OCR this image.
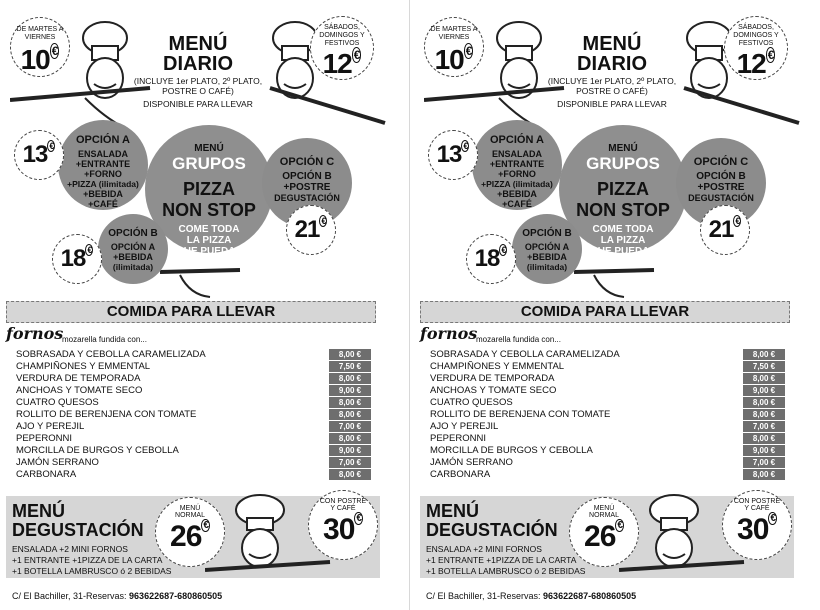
DE MARTES A VIERNES
10 €	MENÚ
DIARIO
(INCLUYE 1er PLATO, 2º PLATO,
POSTRE O CAFÉ)
DISPONIBLE PARA LLEVAR
SÁBADOS, DOMINGOS Y FESTIVOS
12 €
OPCIÓN A
ENSALADA
+ENTRANTE
+FORNO
+PIZZA (ilimitada)
+BEBIDA
+CAFÉ
13 €	MENÚ
GRUPOS
PIZZA
NON STOP
COME TODA
LA PIZZA
QUE PUEDAS
OPCIÓN B
OPCIÓN A
+BEBIDA
(ilimitada)
18 €
OPCIÓN C
OPCIÓN B
+POSTRE
DEGUSTACIÓN
21 €
COMIDA PARA LLEVAR
fornos
mozarella fundida con...
SOBRASADA Y CEBOLLA CARAMELIZADA	8,00 €
CHAMPIÑONES Y EMMENTAL	7,50 €
VERDURA DE TEMPORADA	8,00 €
ANCHOAS Y TOMATE SECO	9,00 €
CUATRO QUESOS	8,00 €
ROLLITO DE BERENJENA CON TOMATE	8,00 €
AJO Y PEREJIL	7,00 €
PEPERONNI	8,00 €
MORCILLA DE BURGOS Y CEBOLLA	9,00 €
JAMÓN SERRANO	7,00 €
CARBONARA	8,00 €
MENÚ
DEGUSTACIÓN
ENSALADA +2 MINI FORNOS
+1 ENTRANTE +1PIZZA DE LA CARTA
+1 BOTELLA LAMBRUSCO ó 2 BEBIDAS
MENÚ
NORMAL
26 €
CON POSTRE
Y CAFÉ
30 €
C/ El Bachiller, 31-Reservas: 963622687-680860505
DE MARTES A VIERNES
10 €	MENÚ
DIARIO
(INCLUYE 1er PLATO, 2º PLATO,
POSTRE O CAFÉ)
DISPONIBLE PARA LLEVAR
SÁBADOS, DOMINGOS Y FESTIVOS
12 €
OPCIÓN A
ENSALADA
+ENTRANTE
+FORNO
+PIZZA (ilimitada)
+BEBIDA
+CAFÉ
13 €	MENÚ
GRUPOS
PIZZA
NON STOP
COME TODA
LA PIZZA
QUE PUEDAS
OPCIÓN B
OPCIÓN A
+BEBIDA
(ilimitada)
18 €
OPCIÓN C
OPCIÓN B
+POSTRE
DEGUSTACIÓN
21 €
COMIDA PARA LLEVAR
fornos
mozarella fundida con...
SOBRASADA Y CEBOLLA CARAMELIZADA	8,00 €
CHAMPIÑONES Y EMMENTAL	7,50 €
VERDURA DE TEMPORADA	8,00 €
ANCHOAS Y TOMATE SECO	9,00 €
CUATRO QUESOS	8,00 €
ROLLITO DE BERENJENA CON TOMATE	8,00 €
AJO Y PEREJIL	7,00 €
PEPERONNI	8,00 €
MORCILLA DE BURGOS Y CEBOLLA	9,00 €
JAMÓN SERRANO	7,00 €
CARBONARA	8,00 €
MENÚ
DEGUSTACIÓN
ENSALADA +2 MINI FORNOS
+1 ENTRANTE +1PIZZA DE LA CARTA
+1 BOTELLA LAMBRUSCO ó 2 BEBIDAS
MENÚ
NORMAL
26 €
CON POSTRE
Y CAFÉ
30 €
C/ El Bachiller, 31-Reservas: 963622687-680860505
